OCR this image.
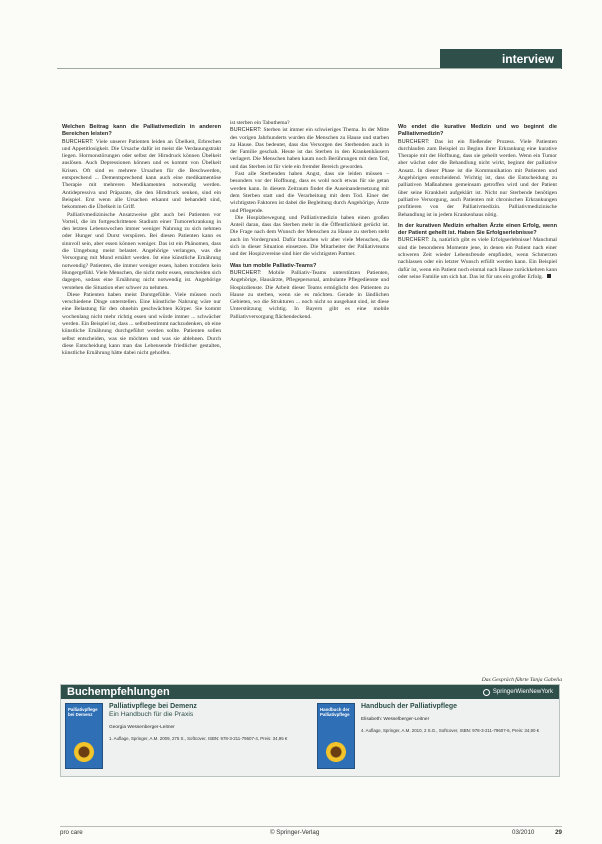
interview

Welchen Beitrag kann die Palliativmedizin in anderen Bereichen leisten?

BURCHERT: Viele unserer Patienten leiden an Übelkeit, Erbrechen und Appetitlosigkeit. Die Ursache dafür ist meist die Verdauungstrakt liegen. Hormonstörungen oder selbst der Hirndruck können Übelkeit auslösen. Auch Depressionen können und es kommt von Übelkeit Krisen. Oft sind es mehrere Ursachen für die Beschwerden, entsprechend ... Dementsprechend kann auch eine medikamentöse Therapie mit mehreren Medikamenten notwendig werden. Antidepressiva und Präparate, die den Hirndruck senken, sind ein Beispiel. Erst wenn alle Ursachen erkannt und behandelt sind, bekommen die Übelkeit in Griff.

Palliativmedizinische Ansatzweise gibt auch bei Patienten vor Vorteil, die im fortgeschrittenen Stadium einer Tumorerkrankung in den letzten Lebenswochen immer weniger Nahrung zu sich nehmen oder Hunger und Durst verspüren. Bei diesen Patienten kann es sinnvoll sein, aber essen können weniger. Das ist ein Phänomen, dass die Umgebung meist belastet. Angehörige verlangen, was die Versorgung mit Mund ernährt werden. Ist eine künstliche Ernährung notwendig? Patienten, die immer weniger essen, haben trotzdem kein Hungergefühl. Viele Menschen, die nicht mehr essen, entscheiden sich dagegen, sodass eine Ernährung nicht notwendig ist. Angehörige verstehen die Situation eher schwer zu nehmen.

Diese Patienten haben meist Durstgefühle. Viele müssen noch verschiedene Dinge unterstellen. Eine künstliche Nahrung wäre nur eine Belastung für den ohnehin geschwächten Körper. Sie kommt wochenlang nicht mehr richtig essen und würde immer ... schwächer werden. Ein Beispiel ist, dass ... selbstbestimmt nachzudenken, ob eine künstliche Ernährung durchgeführt werden sollte. Patienten sollen selbst entscheiden, was sie möchten und was sie ablehnen. Durch diese Entscheidung kann man das Lebensende friedlicher gestalten, künstliche Ernährung hätte dabei nicht geholfen.

ist sterben ein Tabuthema?

BURCHERT: Sterben ist immer ein schwieriges Thema. In der Mitte des vorigen Jahrhunderts wurden die Menschen zu Hause und starben zu Hause. Das bedeutet, dass das Versorgen des Sterbenden auch in der Familie geschah. Heute ist das Sterben in den Krankenhäusern verlagert. Die Menschen haben kaum noch Berührungen mit dem Tod, und das Sterben ist für viele ein fremder Bereich geworden.

Fast alle Sterbenden haben Angst, dass sie leiden müssen – besonders vor der Hoffnung, dass es wohl noch etwas für sie getan werden kann. In diesem Zeitraum findet die Auseinandersetzung mit dem Sterben statt und die Verarbeitung mit dem Tod. Einer der wichtigsten Faktoren ist dabei die Begleitung durch Angehörige, Ärzte und Pflegende.

Die Hospizbewegung und Palliativmedizin haben einen großen Anteil daran, dass das Sterben mehr in die Öffentlichkeit gerückt ist. Die Frage nach dem Wunsch der Menschen zu Hause zu sterben steht auch im Vordergrund. Dafür brauchen wir aber viele Menschen, die sich in dieser Situation einsetzen. Die Mitarbeiter der Palliativteams und der Hospizvereine sind hier die wichtigsten Partner.

Was tun mobile Palliativ-Teams?

BURCHERT: Mobile Palliativ-Teams unterstützen Patienten, Angehörige, Hausärzte, Pflegepersonal, ambulante Pflegedienste und Hospizdienste. Die Arbeit dieser Teams ermöglicht den Patienten zu Hause zu sterben, wenn sie es möchten. Gerade in ländlichen Gebieten, wo die Strukturen ... noch nicht so ausgebaut sind, ist diese Unterstützung wichtig. In Bayern gibt es eine mobile Palliativversorgung flächendeckend.

Wo endet die kurative Medizin und wo beginnt die Palliativmedizin?

BURCHERT: Das ist ein fließender Prozess. Viele Patienten durchlaufen zum Beispiel zu Beginn ihrer Erkrankung eine kurative Therapie mit der Hoffnung, dass sie geheilt werden. Wenn ein Tumor aber wächst oder die Behandlung nicht wirkt, beginnt der palliative Ansatz. In dieser Phase ist die Kommunikation mit Patienten und Angehörigen entscheidend. Wichtig ist, dass die Entscheidung zu palliativen Maßnahmen gemeinsam getroffen wird und der Patient über seine Krankheit aufgeklärt ist. Nicht nur Sterbende benötigen palliative Versorgung, auch Patienten mit chronischen Erkrankungen profitieren von der Palliativmedizin. Palliativmedizinische Behandlung ist in jedem Krankenhaus nötig.

In der kurativen Medizin erhalten Ärzte einen Erfolg, wenn der Patient geheilt ist. Haben Sie Erfolgserlebnisse?

BURCHERT: Ja, natürlich gibt es viele Erfolgserlebnisse! Manchmal sind die besonderen Momente jene, in denen ein Patient nach einer schweren Zeit wieder Lebensfreude empfindet, wenn Schmerzen nachlassen oder ein letzter Wunsch erfüllt werden kann. Ein Beispiel dafür ist, wenn ein Patient noch einmal nach Hause zurückkehren kann oder seine Familie um sich hat. Das ist für uns ein großer Erfolg.

Das Gespräch führte Tanja Gabelia
Buchempfehlungen	SpringerWienNewYork
Palliativpflege bei Demenz
Palliativpflege bei Demenz
Ein Handbuch für die Praxis
Georgia Wessenberger-Leitner
1. Auflage, Springer, A.M. 2009, 275 S., Softcover, ISBN: 978-3-211-79607-4, Preis: 34,95 €
Handbuch der Palliativpflege
Handbuch der Palliativpflege
Elisabeth: Wesselberger-Leitner
4. Auflage, Springer, A.M. 2010, 2 S.G., Softcover, ISBN: 978-3-211-79607-6, Preis: 34,90 €
pro care	© Springer-Verlag	03/2010	29
